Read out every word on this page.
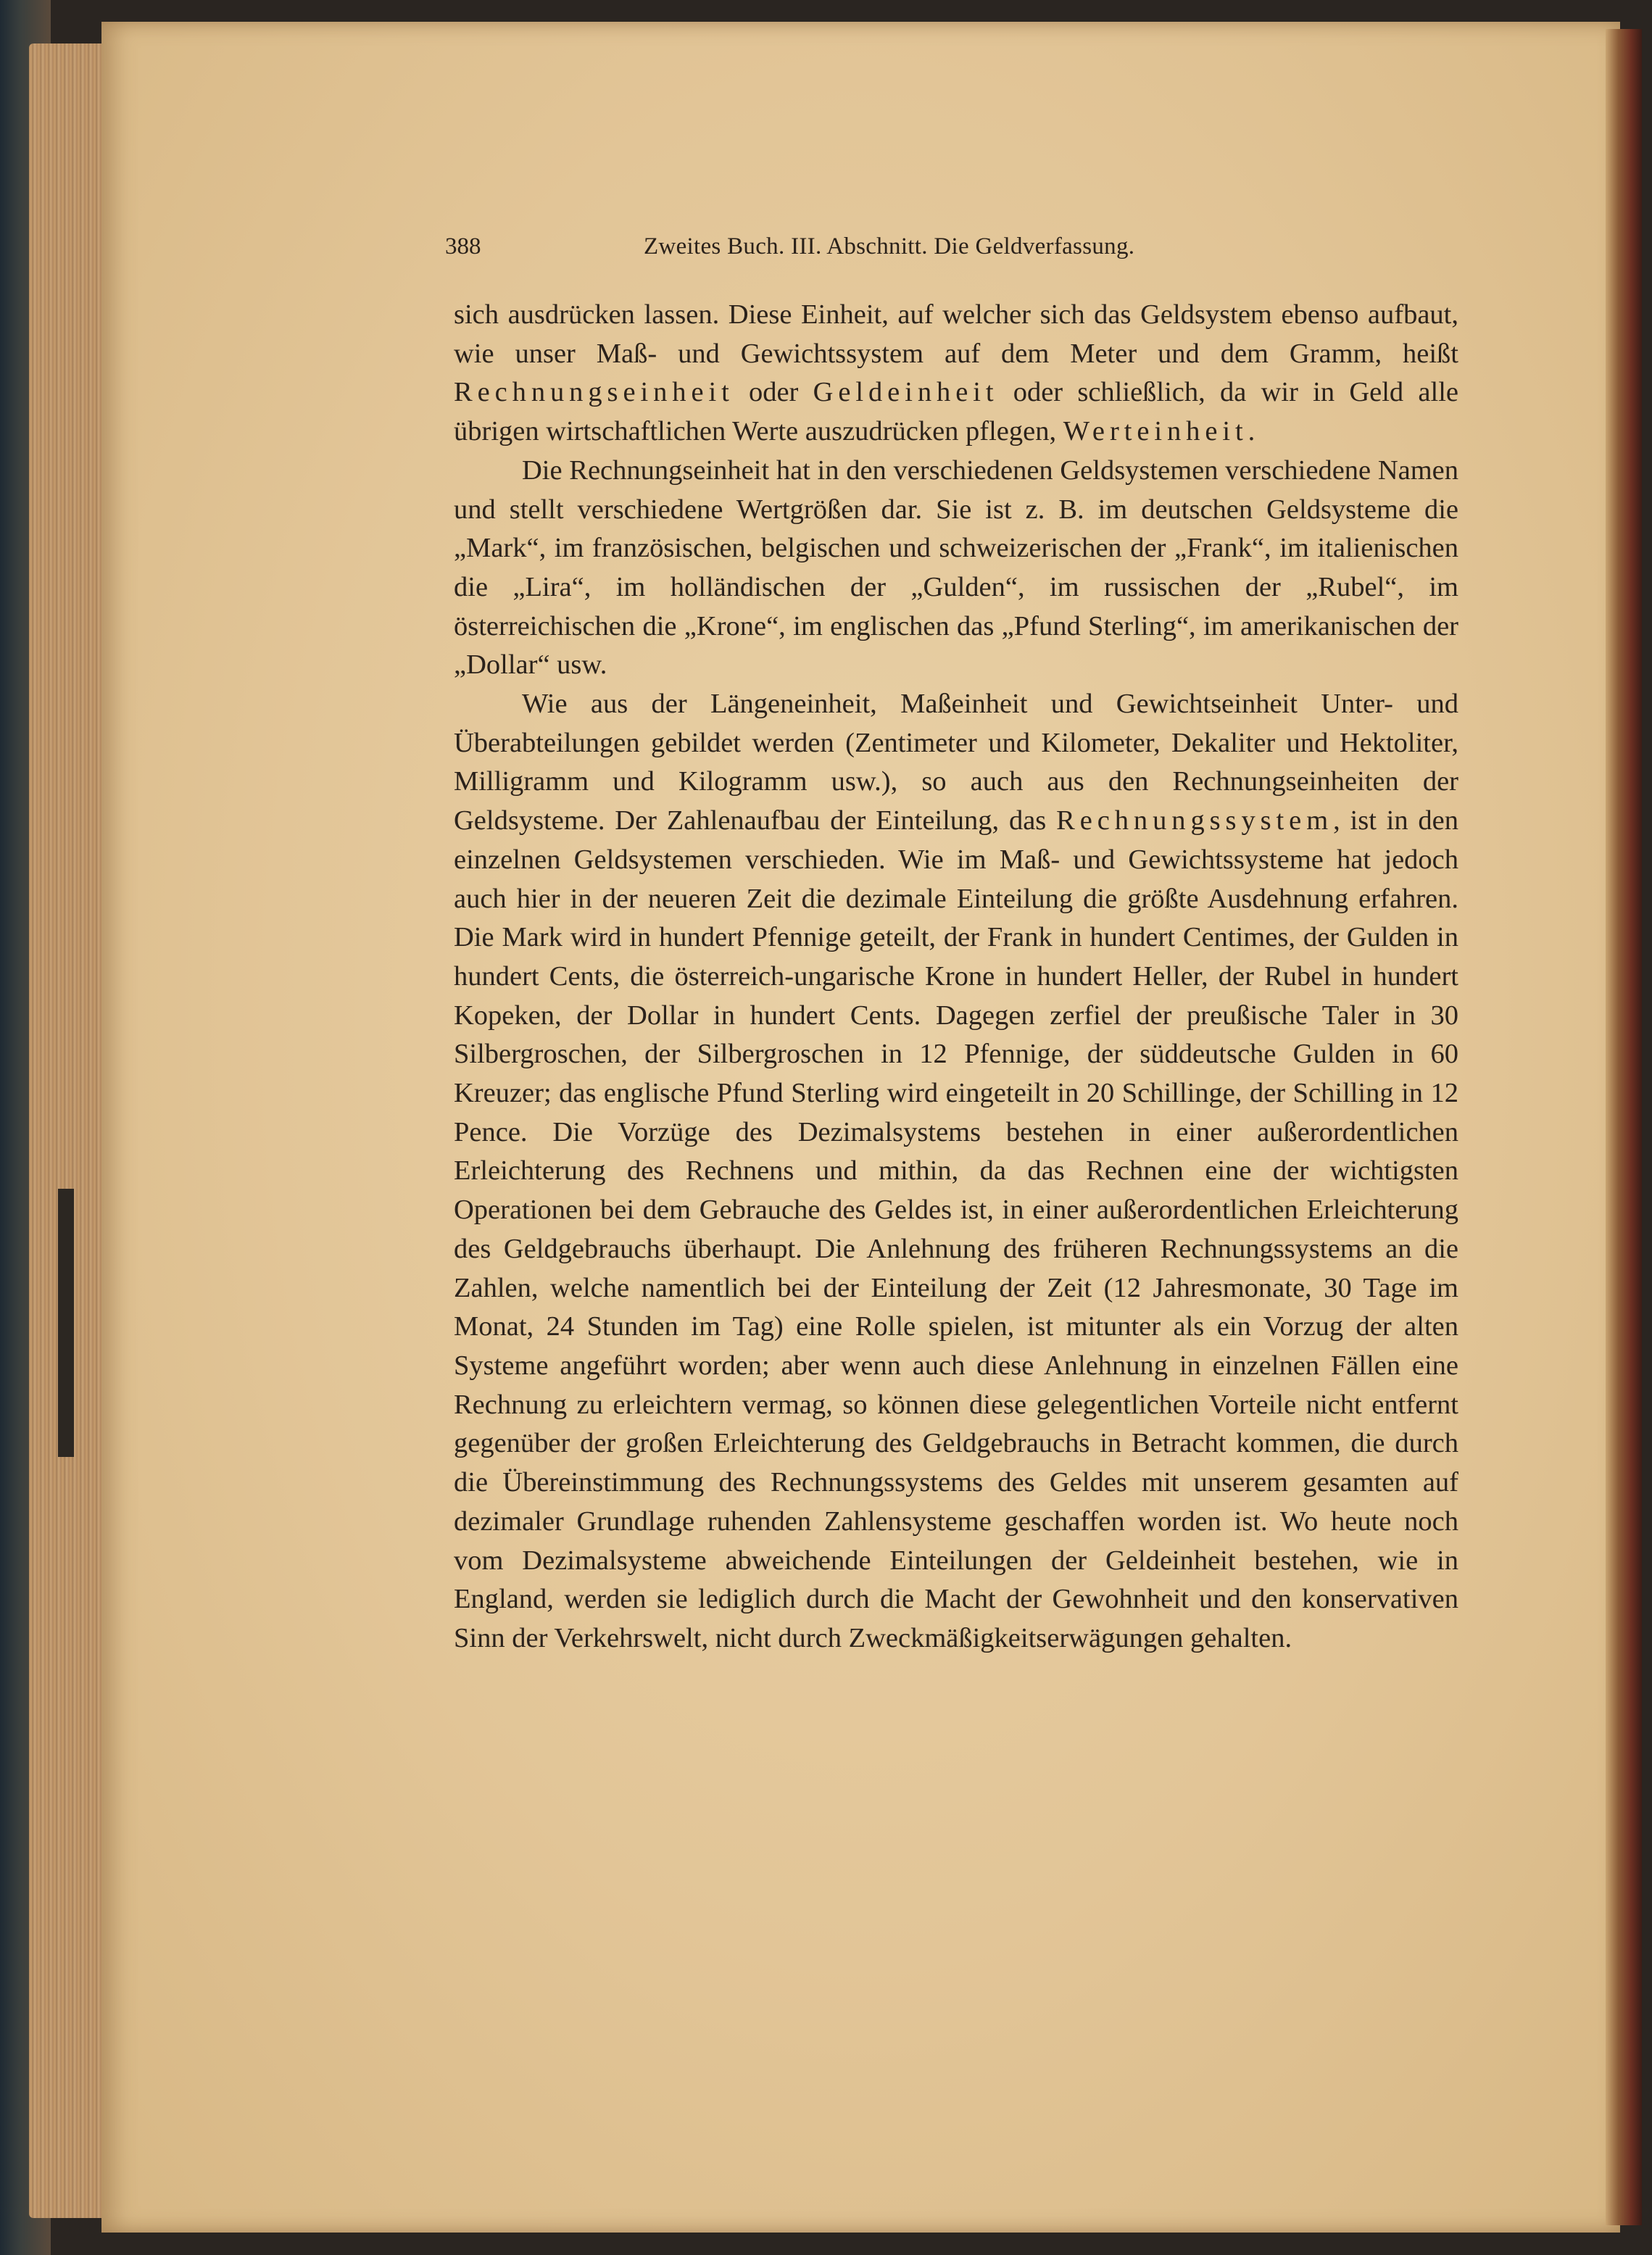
388	Zweites Buch. III. Abschnitt. Die Geldverfassung.

sich ausdrücken lassen. Diese Einheit, auf welcher sich das Geldsystem ebenso aufbaut, wie unser Maß- und Gewichtssystem auf dem Meter und dem Gramm, heißt Rechnungseinheit oder Geldeinheit oder schließlich, da wir in Geld alle übrigen wirtschaftlichen Werte auszudrücken pflegen, Werteinheit.

Die Rechnungseinheit hat in den verschiedenen Geldsystemen verschiedene Namen und stellt verschiedene Wertgrößen dar. Sie ist z. B. im deutschen Geldsysteme die „Mark“, im französischen, belgischen und schweizerischen der „Frank“, im italienischen die „Lira“, im holländischen der „Gulden“, im russischen der „Rubel“, im österreichischen die „Krone“, im englischen das „Pfund Sterling“, im amerikanischen der „Dollar“ usw.

Wie aus der Längeneinheit, Maßeinheit und Gewichtseinheit Unter- und Überabteilungen gebildet werden (Zentimeter und Kilometer, Dekaliter und Hektoliter, Milligramm und Kilogramm usw.), so auch aus den Rechnungseinheiten der Geldsysteme. Der Zahlenaufbau der Einteilung, das Rechnungssystem, ist in den einzelnen Geldsystemen verschieden. Wie im Maß- und Gewichtssysteme hat jedoch auch hier in der neueren Zeit die dezimale Einteilung die größte Ausdehnung erfahren. Die Mark wird in hundert Pfennige geteilt, der Frank in hundert Centimes, der Gulden in hundert Cents, die österreich-ungarische Krone in hundert Heller, der Rubel in hundert Kopeken, der Dollar in hundert Cents. Dagegen zerfiel der preußische Taler in 30 Silbergroschen, der Silbergroschen in 12 Pfennige, der süddeutsche Gulden in 60 Kreuzer; das englische Pfund Sterling wird eingeteilt in 20 Schillinge, der Schilling in 12 Pence. Die Vorzüge des Dezimalsystems bestehen in einer außerordentlichen Erleichterung des Rechnens und mithin, da das Rechnen eine der wichtigsten Operationen bei dem Gebrauche des Geldes ist, in einer außerordentlichen Erleichterung des Geldgebrauchs überhaupt. Die Anlehnung des früheren Rechnungssystems an die Zahlen, welche namentlich bei der Einteilung der Zeit (12 Jahresmonate, 30 Tage im Monat, 24 Stunden im Tag) eine Rolle spielen, ist mitunter als ein Vorzug der alten Systeme angeführt worden; aber wenn auch diese Anlehnung in einzelnen Fällen eine Rechnung zu erleichtern vermag, so können diese gelegentlichen Vorteile nicht entfernt gegenüber der großen Erleichterung des Geldgebrauchs in Betracht kommen, die durch die Übereinstimmung des Rechnungssystems des Geldes mit unserem gesamten auf dezimaler Grundlage ruhenden Zahlensysteme geschaffen worden ist. Wo heute noch vom Dezimalsysteme abweichende Einteilungen der Geldeinheit bestehen, wie in England, werden sie lediglich durch die Macht der Gewohnheit und den konservativen Sinn der Verkehrswelt, nicht durch Zweckmäßigkeitserwägungen gehalten.
